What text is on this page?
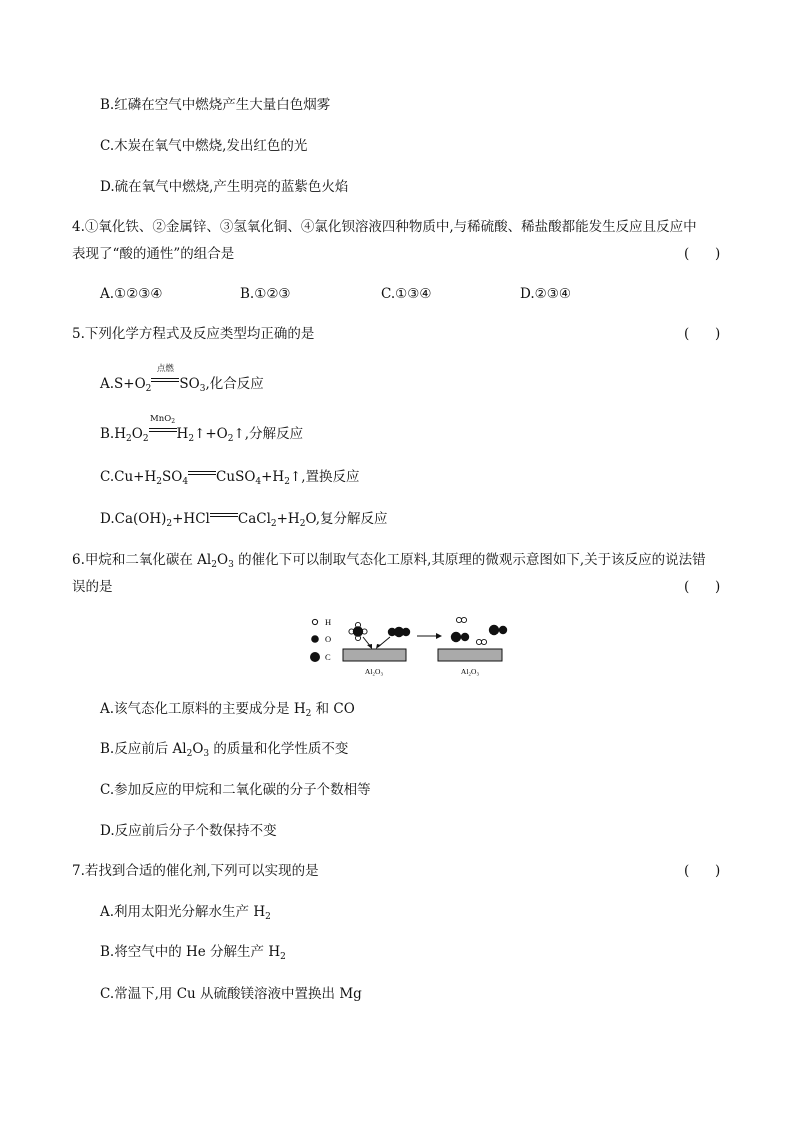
B.红磷在空气中燃烧产生大量白色烟雾
C.木炭在氧气中燃烧,发出红色的光
D.硫在氧气中燃烧,产生明亮的蓝紫色火焰
4.①氧化铁、②金属锌、③氢氧化铜、④氯化钡溶液四种物质中,与稀硫酸、稀盐酸都能发生反应且反应中
表现了“酸的通性”的组合是	(      )
A.①②③④	B.①②③	C.①③④	D.②③④
5.下列化学方程式及反应类型均正确的是	(      )
$A.S+O_2$
点燃
$SO_3$,化合反应
$B.H_2O_2$
MnO$_2$
$H_2↑+O_2↑$,分解反应
$C.Cu+H_2SO_4$ $CuSO_4+H_2↑$,置换反应
$D.Ca(OH)_2+HCl$ $CaCl_2+H_2O$,复分解反应
6.甲烷和二氧化碳在 $Al_2O_3$ 的催化下可以制取气态化工原料,其原理的微观示意图如下,关于该反应的说法错
误的是	(      )
H
O
C
Al₂O₃	Al₂O₃
A.该气态化工原料的主要成分是 $H_2$ 和 CO
B.反应前后 $Al_2O_3$ 的质量和化学性质不变
C.参加反应的甲烷和二氧化碳的分子个数相等
D.反应前后分子个数保持不变
7.若找到合适的催化剂,下列可以实现的是	(      )
A.利用太阳光分解水生产 $H_2$
B.将空气中的 He 分解生产 $H_2$
C.常温下,用 Cu 从硫酸镁溶液中置换出 Mg
